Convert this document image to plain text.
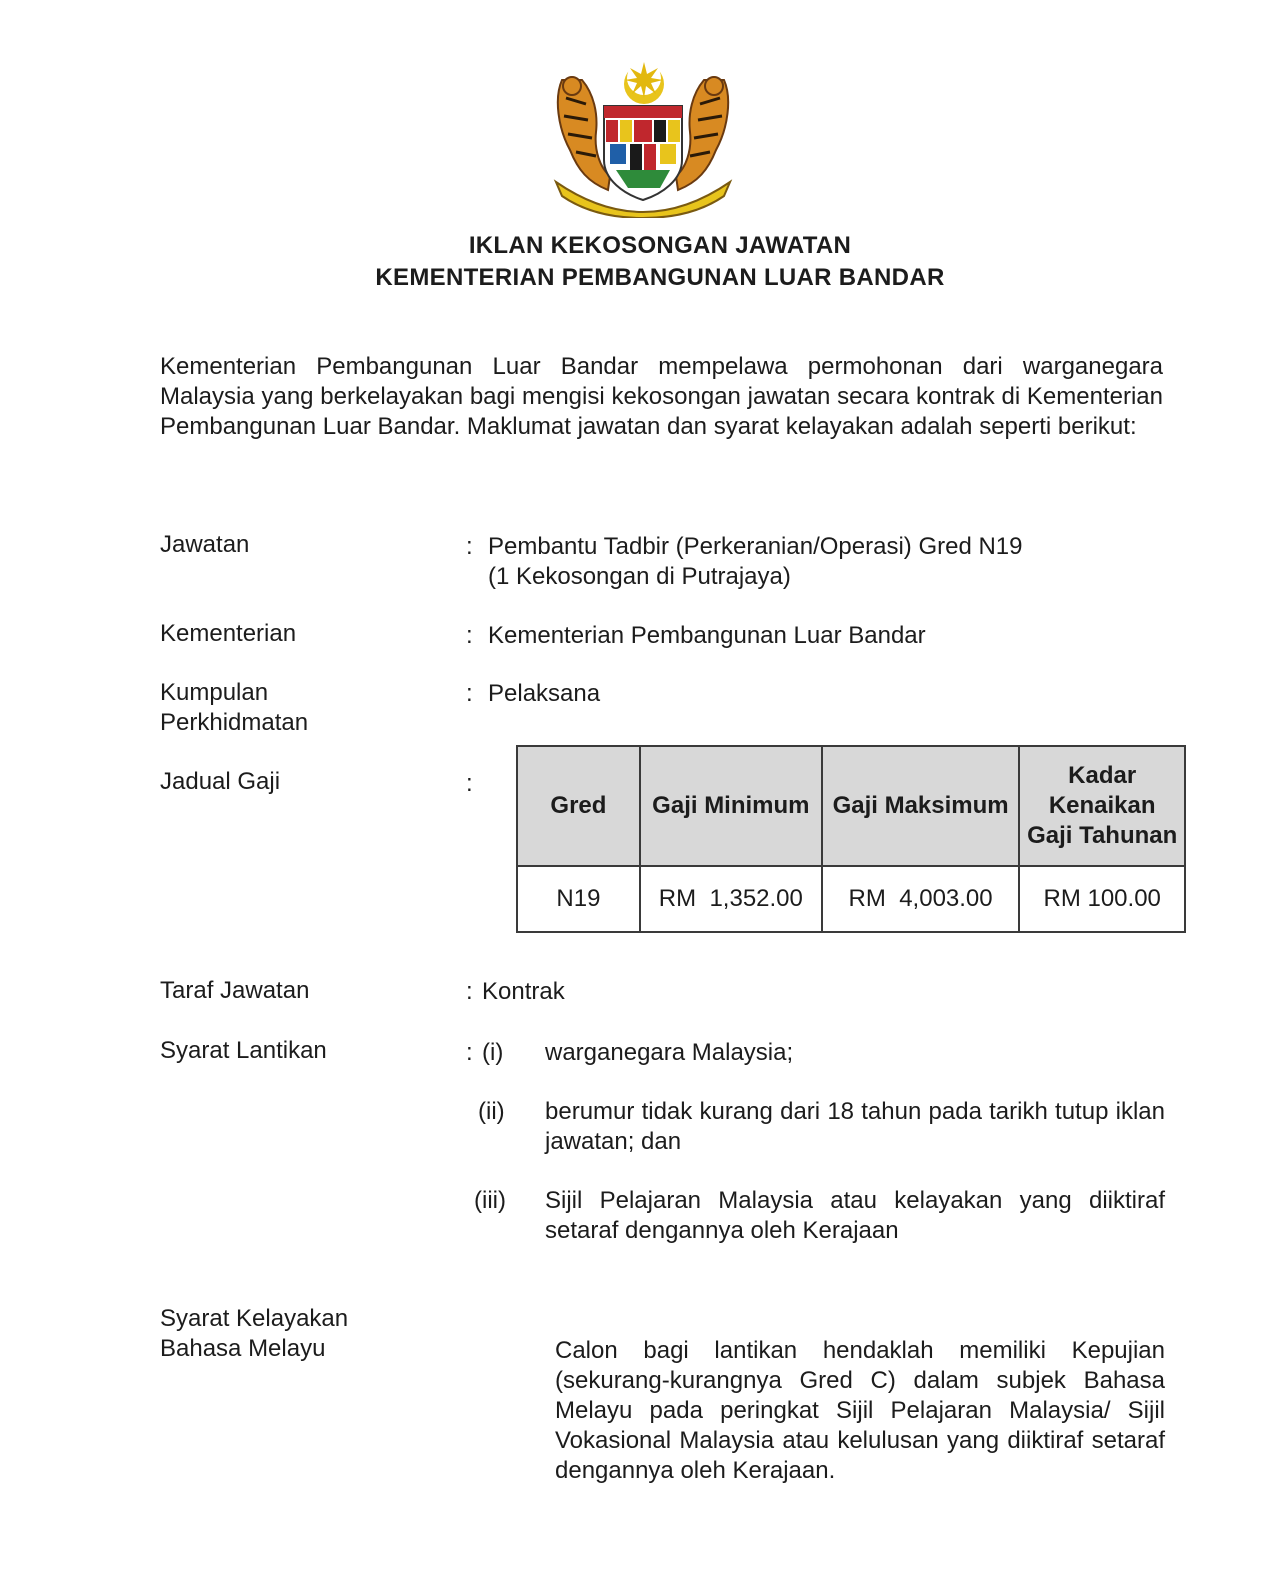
IKLAN KEKOSONGAN JAWATAN
KEMENTERIAN PEMBANGUNAN LUAR BANDAR
Kementerian Pembangunan Luar Bandar mempelawa permohonan dari warganegara Malaysia yang berkelayakan bagi mengisi kekosongan jawatan secara kontrak di Kementerian Pembangunan Luar Bandar. Maklumat jawatan dan syarat kelayakan adalah seperti berikut:
Jawatan	: Pembantu Tadbir (Perkeranian/Operasi) Gred N19
(1 Kekosongan di Putrajaya)
Kementerian	: Kementerian Pembangunan Luar Bandar
Kumpulan
Perkhidmatan
: Pelaksana
Jadual Gaji	:
Gred	Gaji Minimum	Gaji Maksimum	Kadar Kenaikan Gaji Tahunan
N19	RM  1,352.00	RM  4,003.00	RM 100.00
Taraf Jawatan	: Kontrak
Syarat Lantikan	: (i)	warganegara Malaysia;
(ii)	berumur tidak kurang dari 18 tahun pada tarikh tutup iklan jawatan; dan
(iii)	Sijil Pelajaran Malaysia atau kelayakan yang diiktiraf setaraf dengannya oleh Kerajaan
Syarat Kelayakan
Bahasa Melayu	Calon bagi lantikan hendaklah memiliki Kepujian (sekurang-kurangnya Gred C) dalam subjek Bahasa Melayu pada peringkat Sijil Pelajaran Malaysia/ Sijil Vokasional Malaysia atau kelulusan yang diiktiraf setaraf dengannya oleh Kerajaan.
